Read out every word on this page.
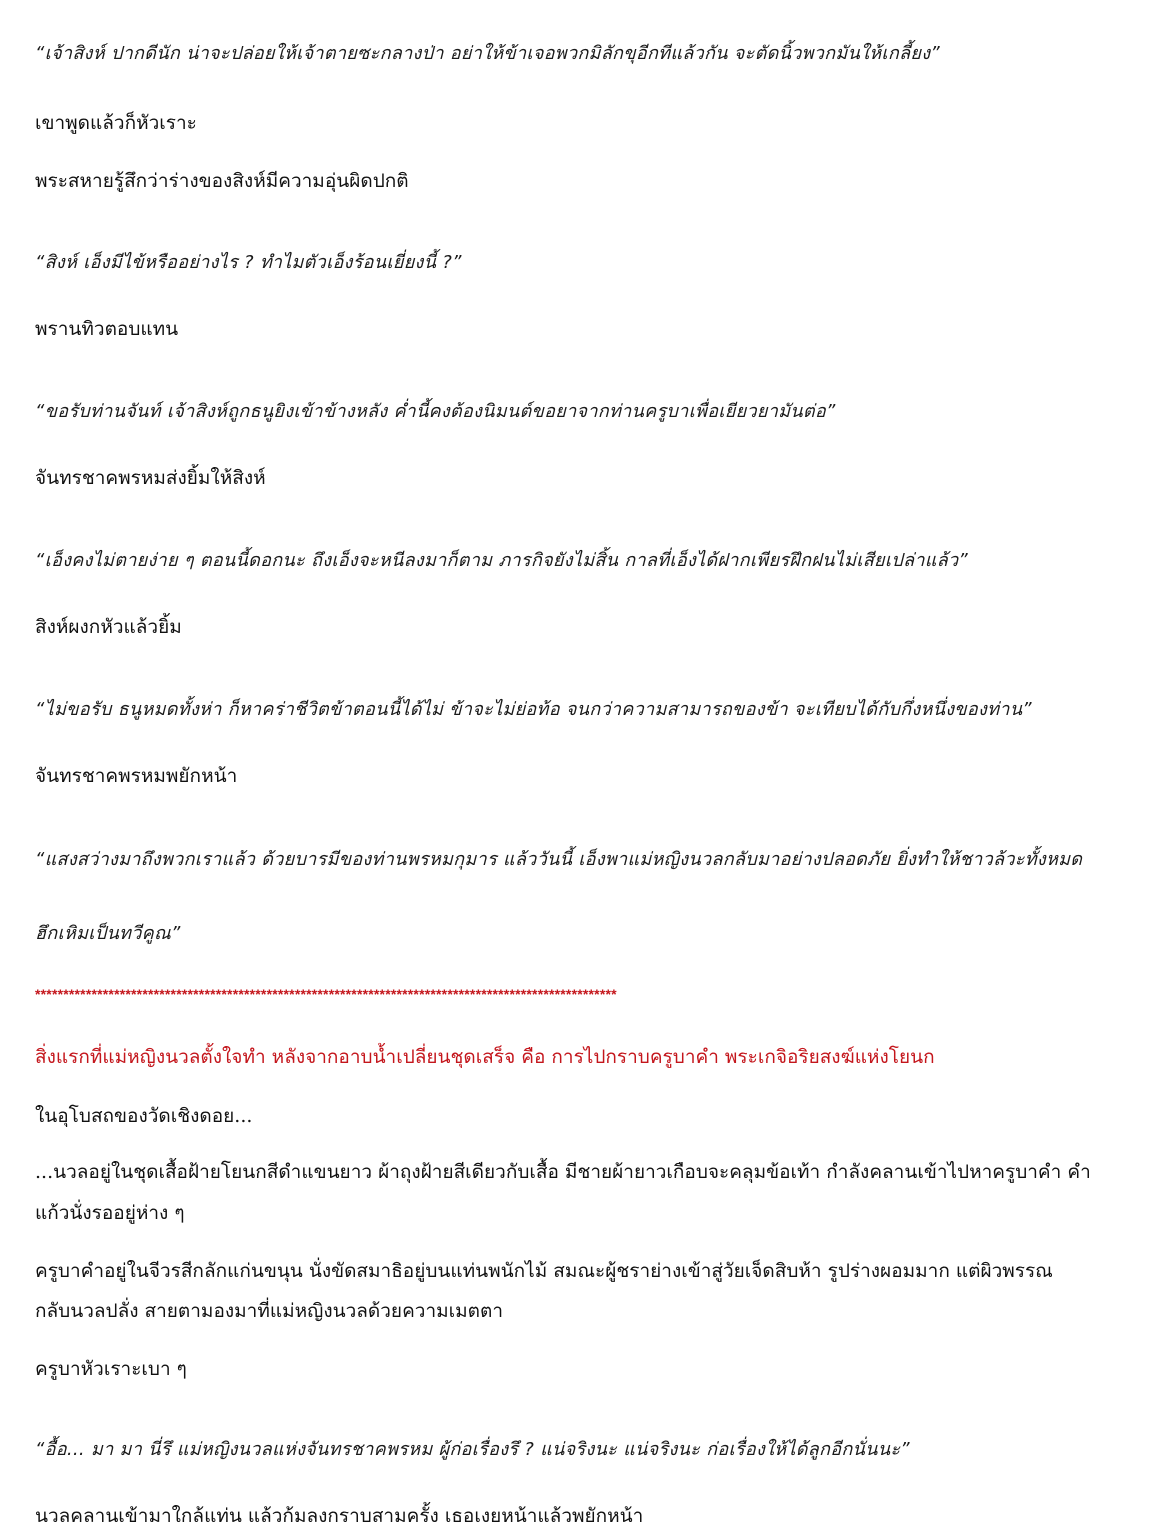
“เจ้าสิงห์ ปากดีนัก น่าจะปล่อยให้เจ้าตายซะกลางป่า อย่าให้ข้าเจอพวกมิลักขุอีกทีแล้วกัน จะตัดนิ้วพวกมันให้เกลี้ยง”

เขาพูดแล้วก็หัวเราะ

พระสหายรู้สึกว่าร่างของสิงห์มีความอุ่นผิดปกติ

“สิงห์ เอ็งมีไข้หรืออย่างไร ? ทำไมตัวเอ็งร้อนเยี่ยงนี้ ?”

พรานทิวตอบแทน

“ขอรับท่านจันท์ เจ้าสิงห์ถูกธนูยิงเข้าข้างหลัง ค่ำนี้คงต้องนิมนต์ขอยาจากท่านครูบาเพื่อเยียวยามันต่อ”

จันทรชาคพรหมส่งยิ้มให้สิงห์

“เอ็งคงไม่ตายง่าย ๆ ตอนนี้ดอกนะ ถึงเอ็งจะหนีลงมาก็ตาม ภารกิจยังไม่สิ้น กาลที่เอ็งได้ฝากเพียรฝึกฝนไม่เสียเปล่าแล้ว”

สิงห์ผงกหัวแล้วยิ้ม

“ไม่ขอรับ ธนูหมดทั้งห่า ก็หาคร่าชีวิตข้าตอนนี้ได้ไม่ ข้าจะไม่ย่อท้อ จนกว่าความสามารถของข้า จะเทียบได้กับกึ่งหนึ่งของท่าน”

จันทรชาคพรหมพยักหน้า

“แสงสว่างมาถึงพวกเราแล้ว ด้วยบารมีของท่านพรหมกุมาร แล้ววันนี้ เอ็งพาแม่หญิงนวลกลับมาอย่างปลอดภัย ยิ่งทำให้ชาวล้วะทั้งหมด

ฮึกเหิมเป็นทวีคูณ”

*******************************************************************************************************

สิ่งแรกที่แม่หญิงนวลตั้งใจทำ หลังจากอาบน้ำเปลี่ยนชุดเสร็จ คือ การไปกราบครูบาคำ พระเกจิอริยสงฆ์แห่งโยนก

ในอุโบสถของวัดเชิงดอย...

...นวลอยู่ในชุดเสื้อฝ้ายโยนกสีดำแขนยาว ผ้าถุงฝ้ายสีเดียวกับเสื้อ มีชายผ้ายาวเกือบจะคลุมข้อเท้า กำลังคลานเข้าไปหาครูบาคำ คำ

แก้วนั่งรออยู่ห่าง ๆ

ครูบาคำอยู่ในจีวรสีกลักแก่นขนุน นั่งขัดสมาธิอยู่บนแท่นพนักไม้ สมณะผู้ชราย่างเข้าสู่วัยเจ็ดสิบห้า รูปร่างผอมมาก แต่ผิวพรรณ

กลับนวลปลั่ง สายตามองมาที่แม่หญิงนวลด้วยความเมตตา

ครูบาหัวเราะเบา ๆ

“อื้อ... มา มา นี่รึ แม่หญิงนวลแห่งจันทรชาคพรหม ผู้ก่อเรื่องรึ ? แน่จริงนะ แน่จริงนะ ก่อเรื่องให้ได้ลูกอีกนั่นนะ”

นวลคลานเข้ามาใกล้แท่น แล้วก้มลงกราบสามครั้ง เธอเงยหน้าแล้วพยักหน้า
